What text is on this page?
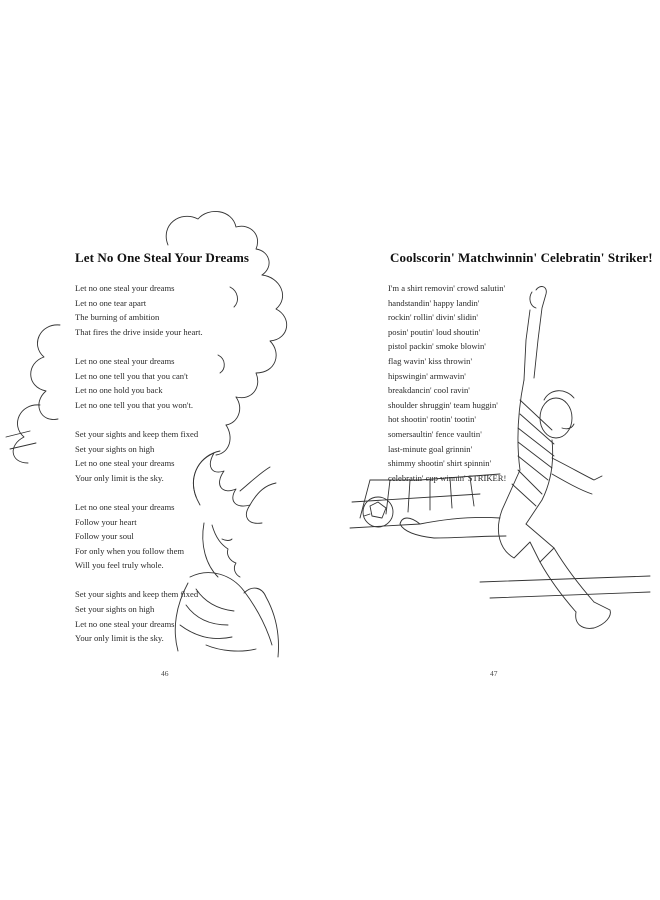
Let No One Steal Your Dreams
Let no one steal your dreams
Let no one tear apart
The burning of ambition
That fires the drive inside your heart.
Let no one steal your dreams
Let no one tell you that you can't
Let no one hold you back
Let no one tell you that you won't.
Set your sights and keep them fixed
Set your sights on high
Let no one steal your dreams
Your only limit is the sky.
Let no one steal your dreams
Follow your heart
Follow your soul
For only when you follow them
Will you feel truly whole.
Set your sights and keep them fixed
Set your sights on high
Let no one steal your dreams
Your only limit is the sky.
46
Coolscorin' Matchwinnin' Celebratin' Striker!
I'm a shirt removin' crowd salutin'
handstandin' happy landin'
rockin' rollin' divin' slidin'
posin' poutin' loud shoutin'
pistol packin' smoke blowin'
flag wavin' kiss throwin'
hipswingin' armwavin'
breakdancin' cool ravin'
shoulder shruggin' team huggin'
hot shootin' rootin' tootin'
somersaultin' fence vaultin'
last-minute goal grinnin'
shimmy shootin' shirt spinnin'
celebratin' cup winnin' STRIKER!
47
